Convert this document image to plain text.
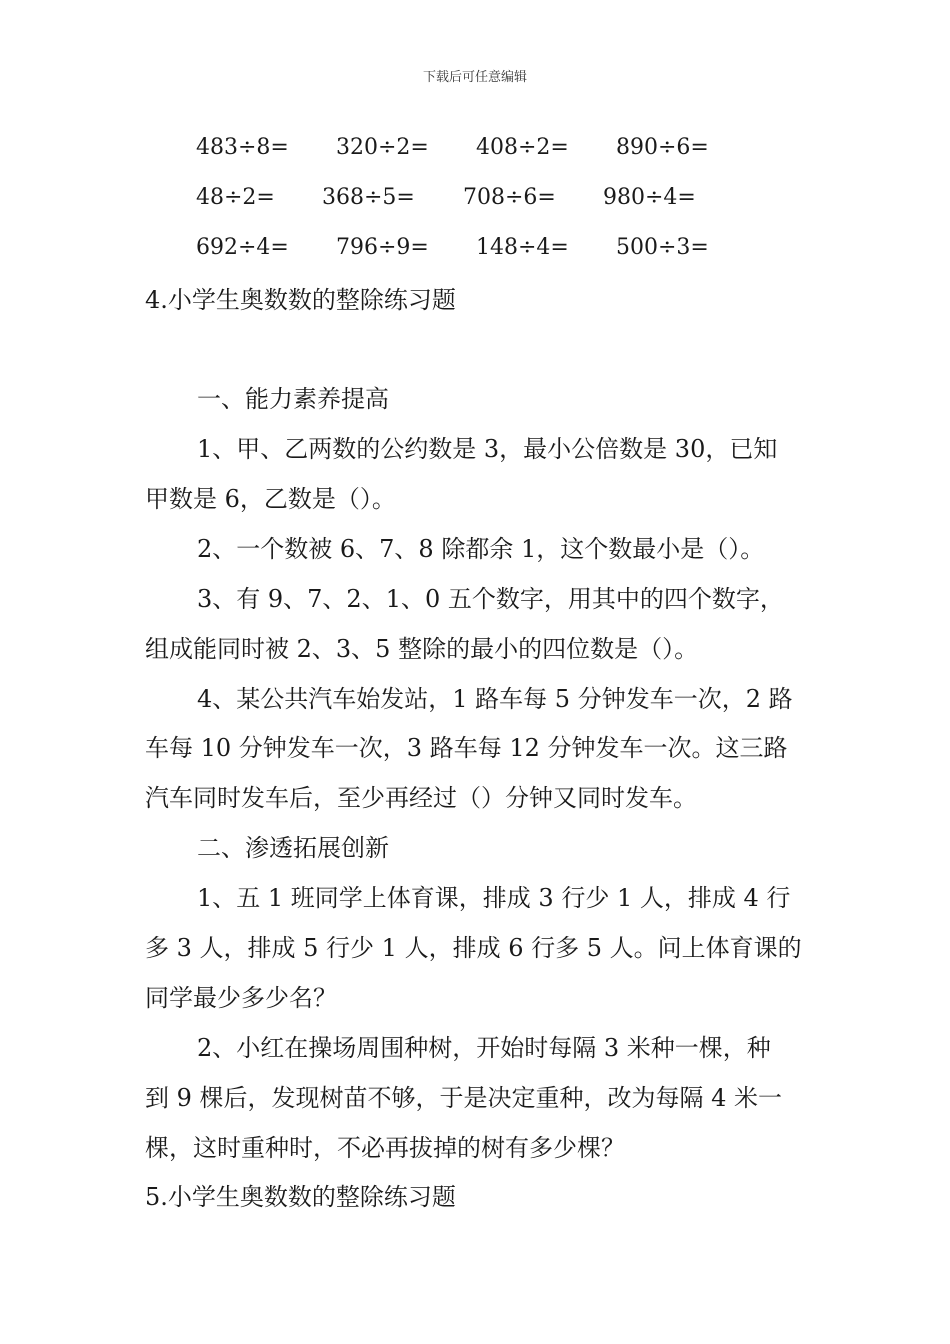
下载后可任意编辑
483÷8= 320÷2= 408÷2= 890÷6=
48÷2= 368÷5= 708÷6= 980÷4=
692÷4= 796÷9= 148÷4= 500÷3=
4.小学生奥数数的整除练习题
一、能力素养提高
1、甲、乙两数的公约数是 3，最小公倍数是 30，已知
甲数是 6，乙数是（）。
2、一个数被 6、7、8 除都余 1，这个数最小是（）。
3、有 9、7、2、1、0 五个数字，用其中的四个数字，
组成能同时被 2、3、5 整除的最小的四位数是（）。
4、某公共汽车始发站，1 路车每 5 分钟发车一次，2 路
车每 10 分钟发车一次，3 路车每 12 分钟发车一次。这三路
汽车同时发车后，至少再经过（）分钟又同时发车。
二、渗透拓展创新
1、五 1 班同学上体育课，排成 3 行少 1 人，排成 4 行
多 3 人，排成 5 行少 1 人，排成 6 行多 5 人。问上体育课的
同学最少多少名？
2、小红在操场周围种树，开始时每隔 3 米种一棵，种
到 9 棵后，发现树苗不够，于是决定重种，改为每隔 4 米一
棵，这时重种时，不必再拔掉的树有多少棵？
5.小学生奥数数的整除练习题
